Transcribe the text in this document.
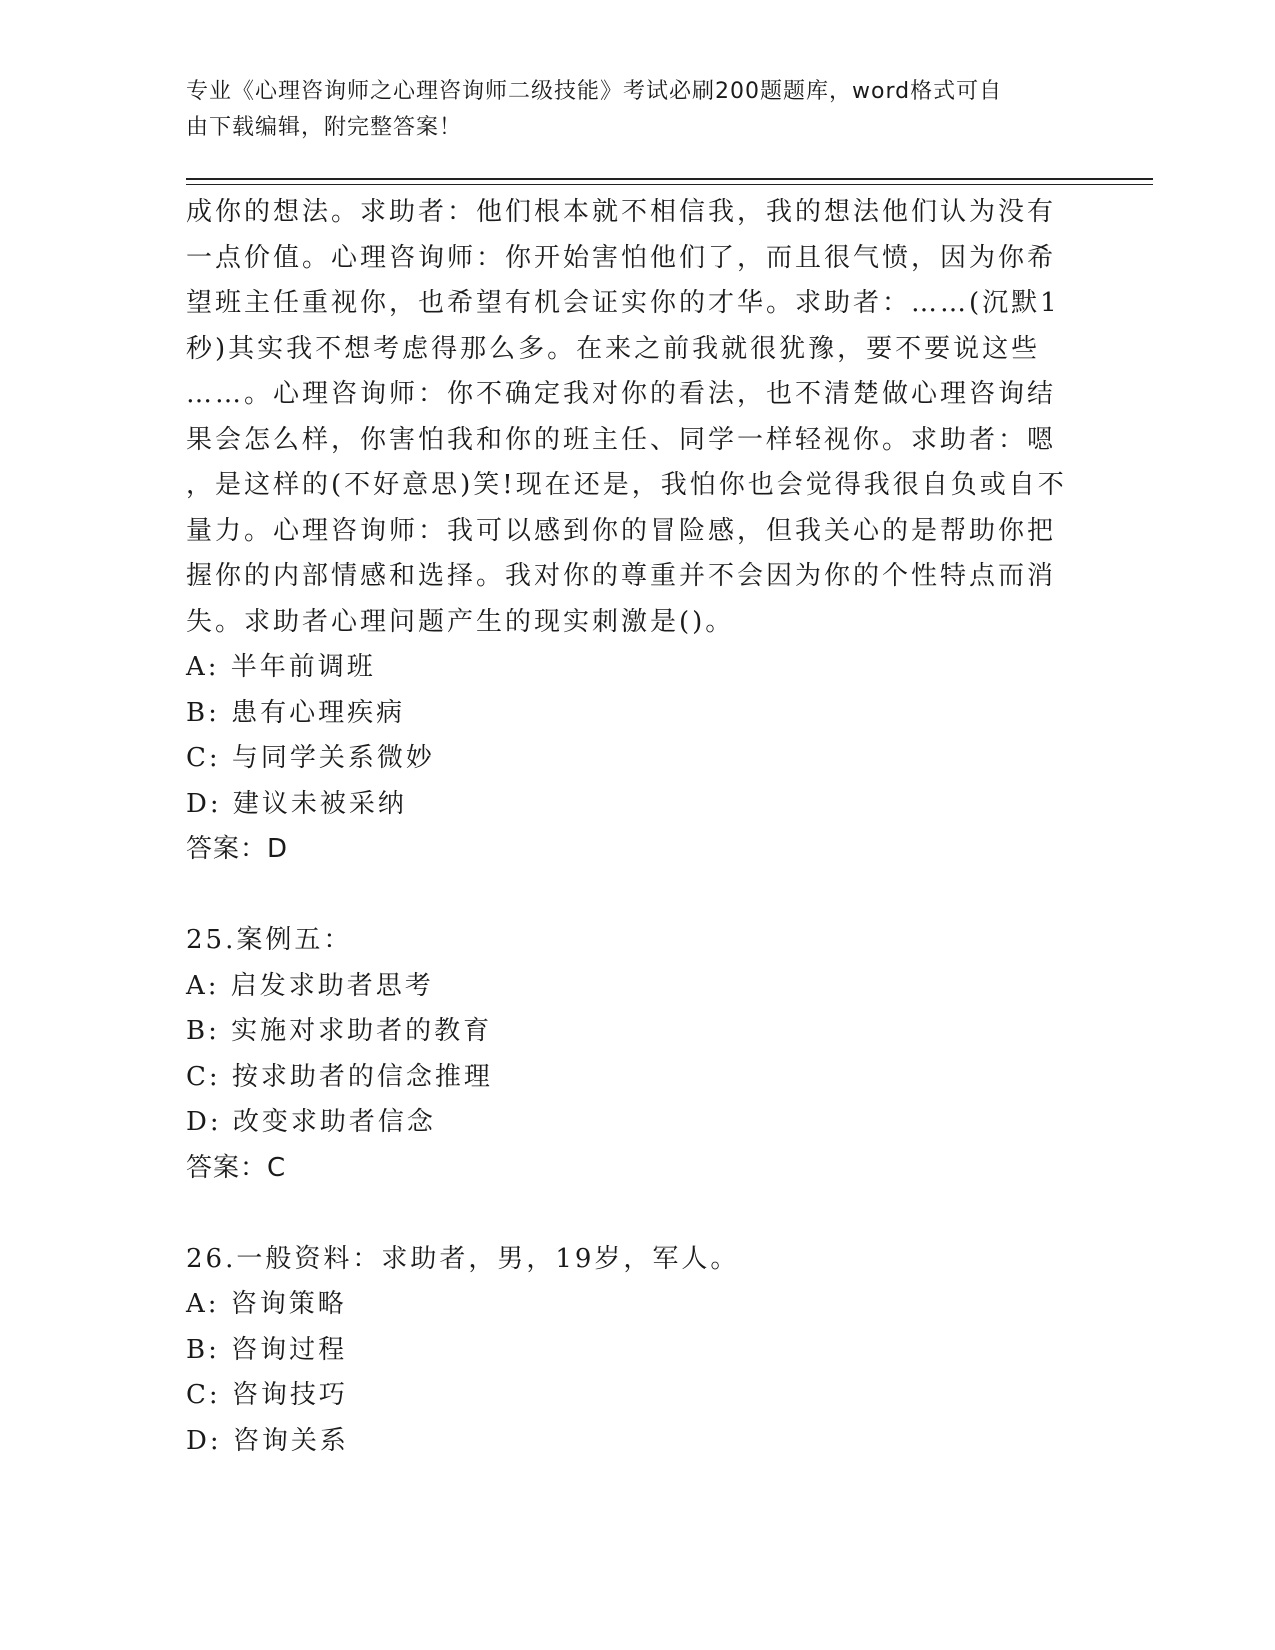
专业《心理咨询师之心理咨询师二级技能》考试必刷200题题库，word格式可自
由下载编辑，附完整答案！

成你的想法。求助者：他们根本就不相信我，我的想法他们认为没有

一点价值。心理咨询师：你开始害怕他们了，而且很气愤，因为你希

望班主任重视你，也希望有机会证实你的才华。求助者：……(沉默1

秒)其实我不想考虑得那么多。在来之前我就很犹豫，要不要说这些

……。心理咨询师：你不确定我对你的看法，也不清楚做心理咨询结

果会怎么样，你害怕我和你的班主任、同学一样轻视你。求助者：嗯

，是这样的(不好意思)笑!现在还是，我怕你也会觉得我很自负或自不

量力。心理咨询师：我可以感到你的冒险感，但我关心的是帮助你把

握你的内部情感和选择。我对你的尊重并不会因为你的个性特点而消

失。求助者心理问题产生的现实刺激是()。

A: 半年前调班

B: 患有心理疾病

C: 与同学关系微妙

D: 建议未被采纳

答案：D

25.案例五：

A: 启发求助者思考

B: 实施对求助者的教育

C: 按求助者的信念推理

D: 改变求助者信念

答案：C

26.一般资料：求助者，男，19岁，军人。

A: 咨询策略

B: 咨询过程

C: 咨询技巧

D: 咨询关系
